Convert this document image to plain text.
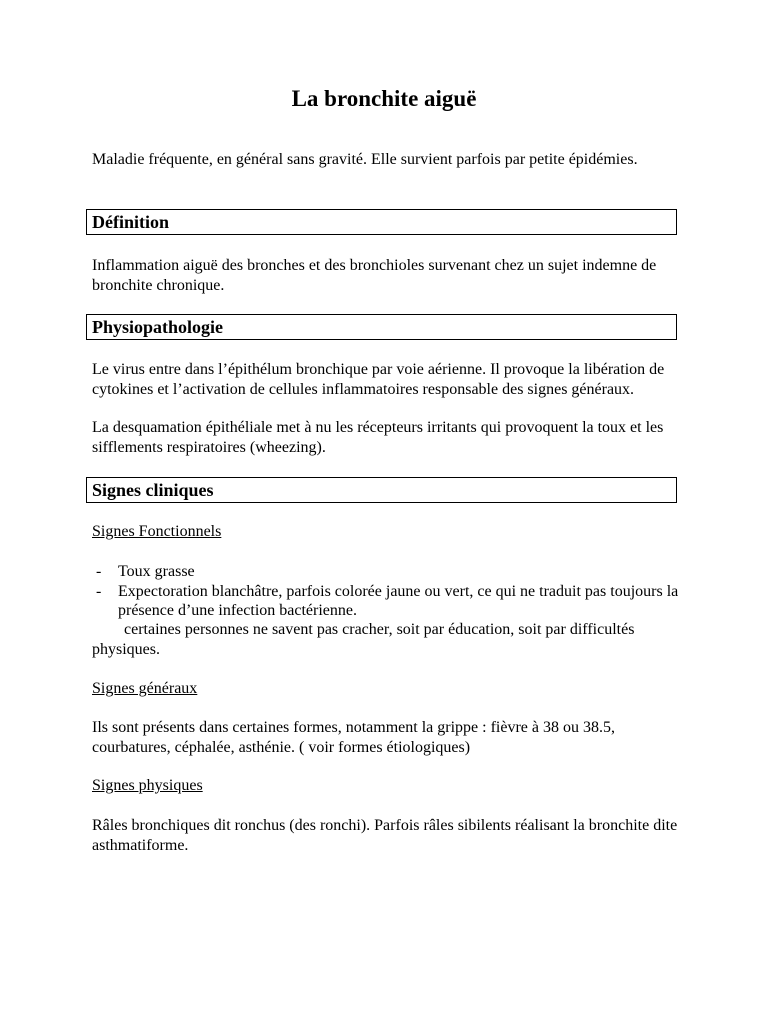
La bronchite aiguë

Maladie fréquente, en général sans gravité. Elle survient parfois par petite épidémies.

Définition

Inflammation aiguë des bronches et des bronchioles survenant chez un sujet indemne de bronchite chronique.

Physiopathologie

Le virus entre dans l’épithélum bronchique par voie aérienne. Il provoque la libération de cytokines et l’activation de cellules inflammatoires responsable des signes généraux.

La desquamation épithéliale met à nu les récepteurs irritants qui provoquent la toux et les sifflements respiratoires (wheezing).

Signes cliniques

Signes Fonctionnels

- Toux grasse
- Expectoration blanchâtre, parfois colorée jaune ou vert, ce qui ne traduit pas toujours la présence d’une infection bactérienne.

certaines personnes ne savent pas cracher, soit par éducation, soit par difficultés physiques.

Signes généraux

Ils sont présents dans certaines formes, notamment la grippe : fièvre à 38 ou 38.5, courbatures, céphalée, asthénie. ( voir formes étiologiques)

Signes physiques

Râles bronchiques dit ronchus (des ronchi). Parfois râles sibilents réalisant la bronchite dite asthmatiforme.
